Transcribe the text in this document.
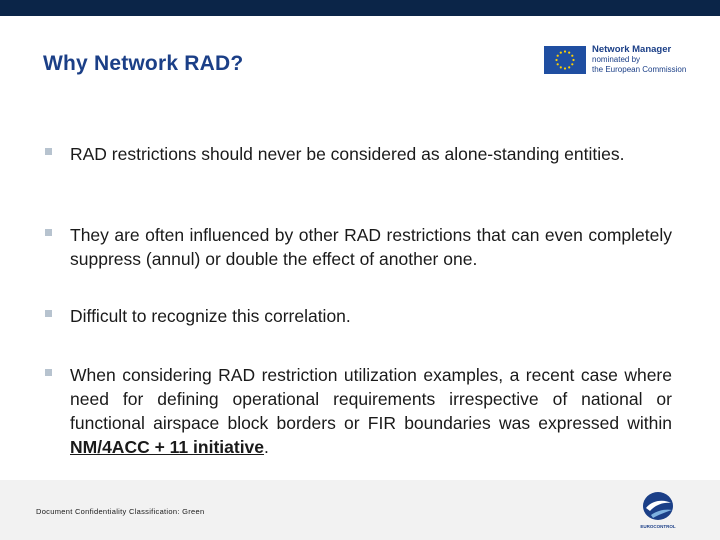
Why Network RAD?
Network Manager
nominated by
the European Commission
RAD restrictions should never be considered as alone-standing entities.
They are often influenced by other RAD restrictions that can even completely suppress (annul) or double the effect of another one.
Difficult to recognize this correlation.
When considering RAD restriction utilization examples, a recent case where need for defining operational requirements irrespective of national or functional airspace block borders or FIR boundaries was expressed within NM/4ACC + 11 initiative.
Document Confidentiality Classification: Green
EUROCONTROL
